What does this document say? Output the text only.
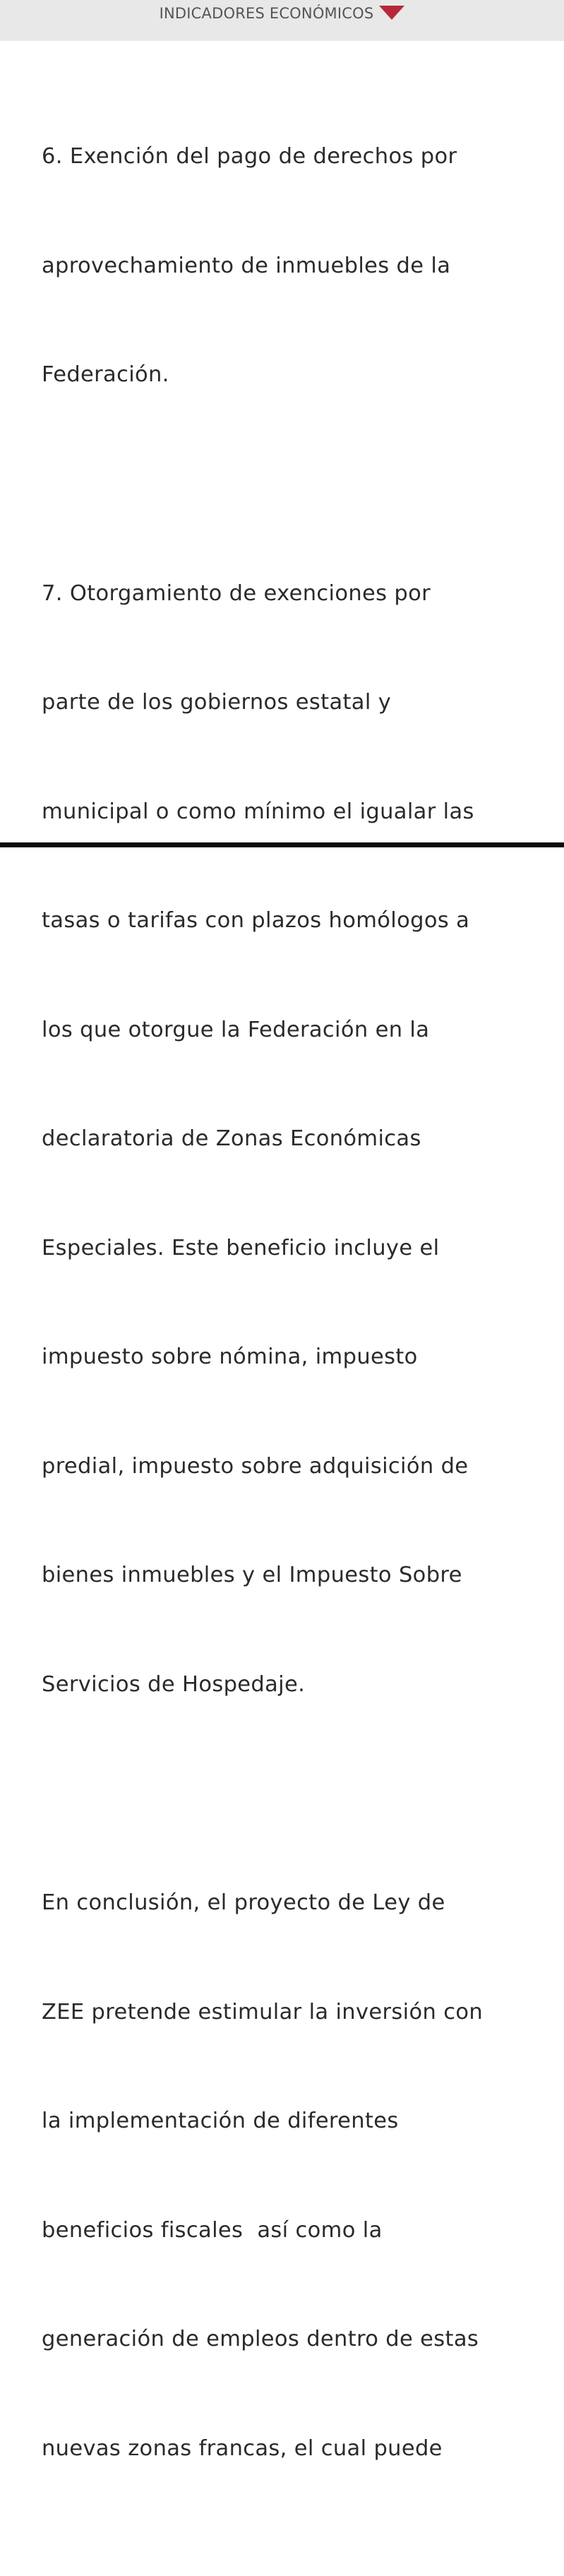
INDICADORES ECONÓMICOS

6. Exención del pago de derechos por

aprovechamiento de inmuebles de la

Federación.

7. Otorgamiento de exenciones por

parte de los gobiernos estatal y

municipal o como mínimo el igualar las

tasas o tarifas con plazos homólogos a

los que otorgue la Federación en la

declaratoria de Zonas Económicas

Especiales. Este beneficio incluye el

impuesto sobre nómina, impuesto

predial, impuesto sobre adquisición de

bienes inmuebles y el Impuesto Sobre

Servicios de Hospedaje.

En conclusión, el proyecto de Ley de

ZEE pretende estimular la inversión con

la implementación de diferentes

beneficios fiscales  así como la

generación de empleos dentro de estas

nuevas zonas francas, el cual puede
